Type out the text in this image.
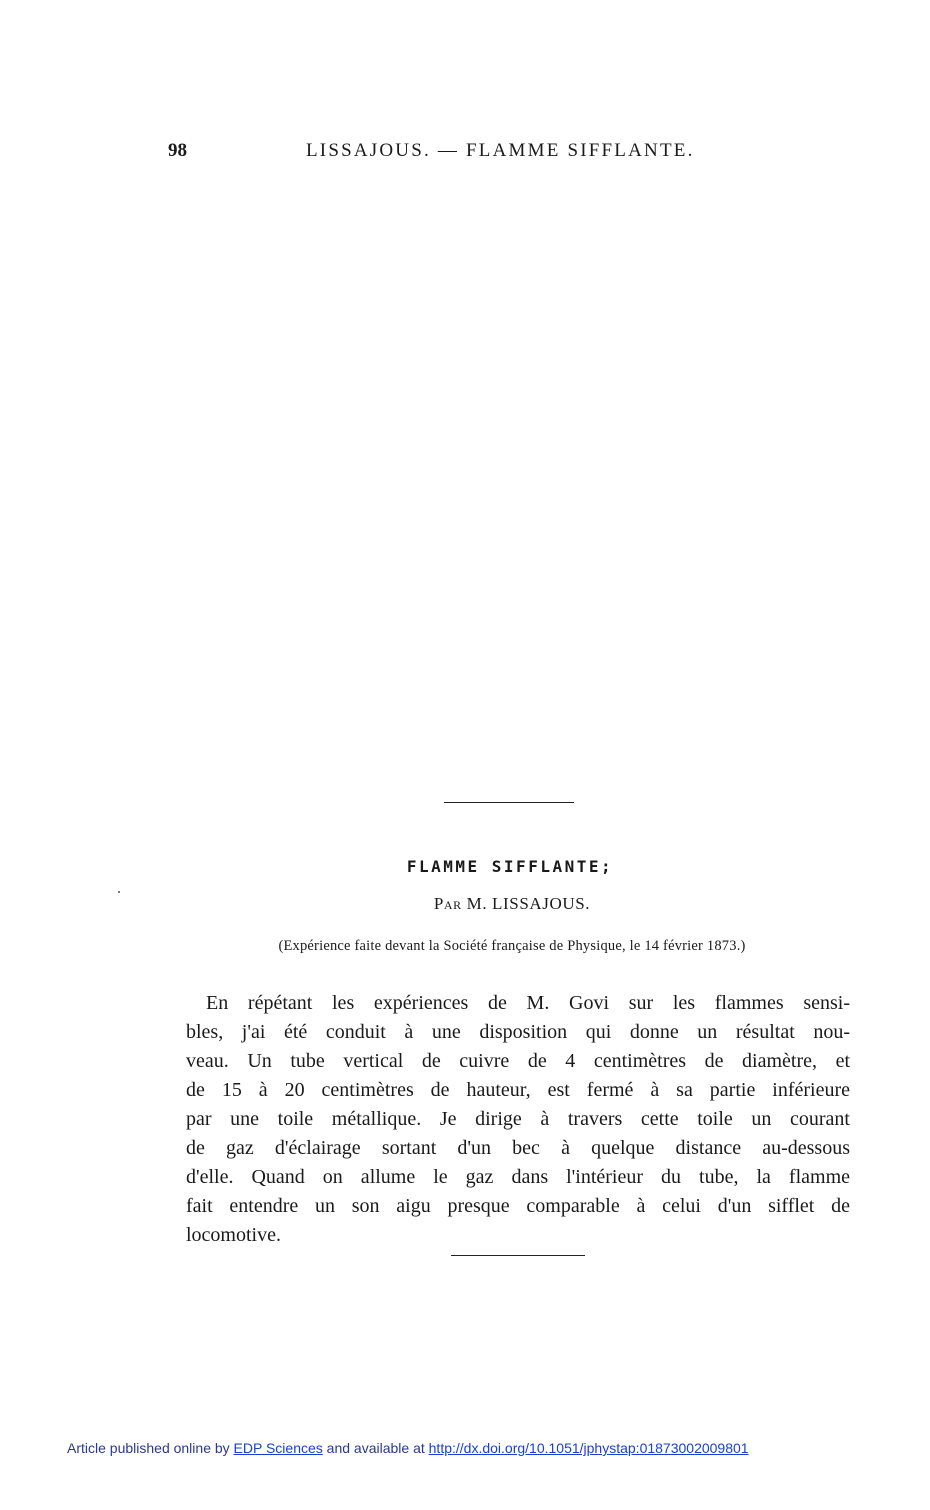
98	LISSAJOUS. — FLAMME SIFFLANTE.
FLAMME SIFFLANTE;
Par M. LISSAJOUS.
(Expérience faite devant la Société française de Physique, le 14 février 1873.)
En répétant les expériences de M. Govi sur les flammes sensi-
bles, j'ai été conduit à une disposition qui donne un résultat nou-
veau. Un tube vertical de cuivre de 4 centimètres de diamètre, et
de 15 à 20 centimètres de hauteur, est fermé à sa partie inférieure
par une toile métallique. Je dirige à travers cette toile un courant
de gaz d'éclairage sortant d'un bec à quelque distance au-dessous
d'elle. Quand on allume le gaz dans l'intérieur du tube, la flamme
fait entendre un son aigu presque comparable à celui d'un sifflet de
locomotive.
Article published online by EDP Sciences and available at http://dx.doi.org/10.1051/jphystap:01873002009801
